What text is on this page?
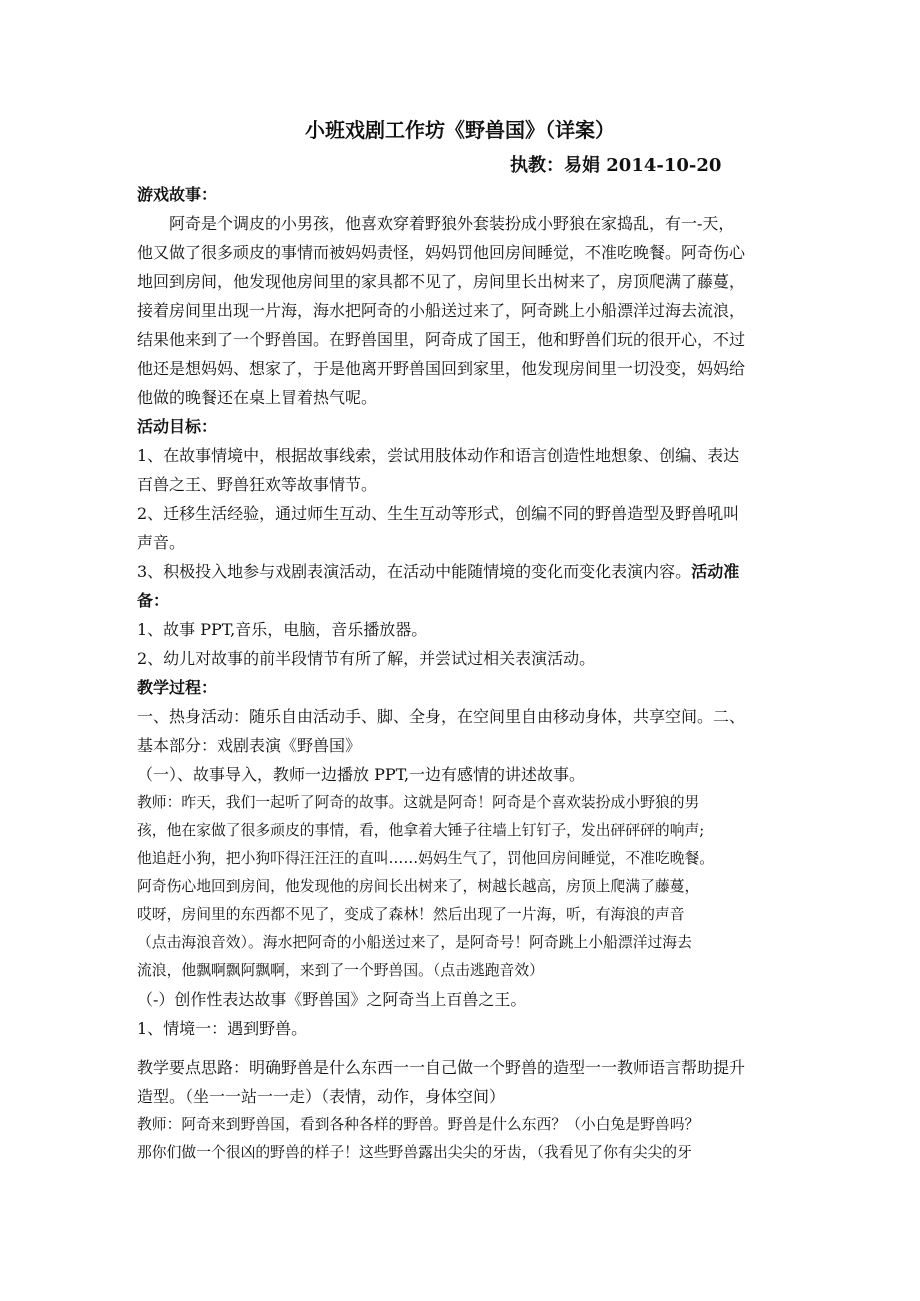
小班戏剧工作坊《野兽国》（详案）
执教：易娟 2014-10-20

游戏故事：

阿奇是个调皮的小男孩，他喜欢穿着野狼外套装扮成小野狼在家捣乱，有一-天，

他又做了很多顽皮的事情而被妈妈责怪，妈妈罚他回房间睡觉，不准吃晚餐。阿奇伤心

地回到房间，他发现他房间里的家具都不见了，房间里长出树来了，房顶爬满了藤蔓，

接着房间里出现一片海，海水把阿奇的小船送过来了，阿奇跳上小船漂洋过海去流浪，

结果他来到了一个野兽国。在野兽国里，阿奇成了国王，他和野兽们玩的很开心，不过

他还是想妈妈、想家了，于是他离开野兽国回到家里，他发现房间里一切没变，妈妈给

他做的晚餐还在桌上冒着热气呢。

活动目标：

1、在故事情境中，根据故事线索，尝试用肢体动作和语言创造性地想象、创编、表达

百兽之王、野兽狂欢等故事情节。

2、迁移生活经验，通过师生互动、生生互动等形式，创编不同的野兽造型及野兽吼叫

声音。

3、积极投入地参与戏剧表演活动，在活动中能随情境的变化而变化表演内容。活动准

备：

1、故事 PPT,音乐，电脑，音乐播放器。

2、幼儿对故事的前半段情节有所了解，并尝试过相关表演活动。

教学过程：

一、热身活动：随乐自由活动手、脚、全身，在空间里自由移动身体，共享空间。二、

基本部分：戏剧表演《野兽国》

（一）、故事导入，教师一边播放 PPT,一边有感情的讲述故事。

教师：昨天，我们一起听了阿奇的故事。这就是阿奇！阿奇是个喜欢装扮成小野狼的男

孩，他在家做了很多顽皮的事情，看，他拿着大锤子往墙上钉钉子，发出砰砰砰的响声;

他追赶小狗，把小狗吓得汪汪汪的直叫……妈妈生气了，罚他回房间睡觉，不准吃晚餐。

阿奇伤心地回到房间，他发现他的房间长出树来了，树越长越高，房顶上爬满了藤蔓，

哎呀，房间里的东西都不见了，变成了森林！然后出现了一片海，听，有海浪的声音

（点击海浪音效）。海水把阿奇的小船送过来了，是阿奇号！阿奇跳上小船漂洋过海去

流浪，他飘啊飘阿飘啊，来到了一个野兽国。（点击逃跑音效）

（-）创作性表达故事《野兽国》之阿奇当上百兽之王。

1、情境一：遇到野兽。

教学要点思路：明确野兽是什么东西一一自己做一个野兽的造型一一教师语言帮助提升

造型。（坐一一站一一走）（表情，动作，身体空间）

教师：阿奇来到野兽国，看到各种各样的野兽。野兽是什么东西？（小白兔是野兽吗？

那你们做一个很凶的野兽的样子！这些野兽露出尖尖的牙齿，（我看见了你有尖尖的牙
